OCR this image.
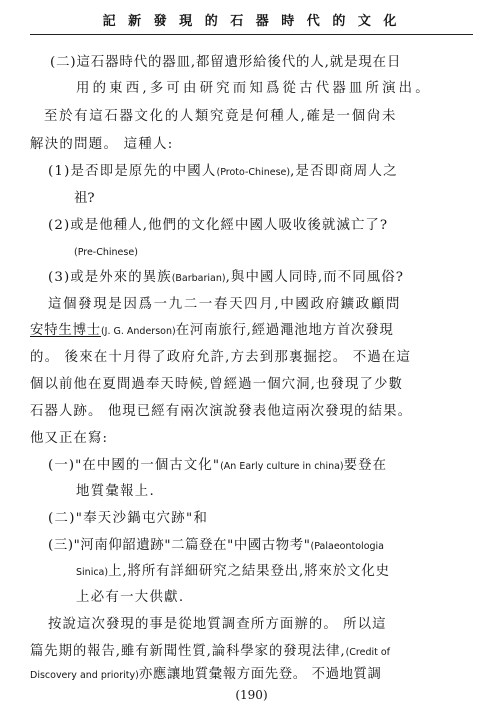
記 新 發 現 的 石 器 時 代 的 文 化
(二)這石器時代的器皿,都留遺形給後代的人,就是現在日
用的東西,多可由研究而知爲從古代器皿所演出。
至於有這石器文化的人類究竟是何種人,確是一個尙未
解決的問題。 這種人:
(1)是否即是原先的中國人(Proto-Chinese),是否即商周人之
祖?
(2)或是他種人,他們的文化經中國人吸收後就滅亡了?
(Pre-Chinese)
(3)或是外來的異族(Barbarian),與中國人同時,而不同風俗?
這個發現是因爲一九二一春天四月,中國政府鑛政顧問
安特生博士(J. G. Anderson)在河南旅行,經過澠池地方首次發現
的。 後來在十月得了政府允許,方去到那裏掘挖。 不過在這
個以前他在夏間過奉天時候,曾經過一個穴洞,也發現了少數
石器人跡。 他現已經有兩次演說發表他這兩次發現的結果。
他又正在寫:
(一)"在中國的一個古文化"(An Early culture in china)要登在
地質彙報上.
(二)"奉天沙鍋屯穴跡"和
(三)"河南仰韶遺跡"二篇登在"中國古物考"(Palaeontologia
Sinica)上,將所有詳細研究之結果登出,將來於文化史
上必有一大供獻.
按說這次發現的事是從地質調查所方面辦的。 所以這
篇先期的報告,雖有新聞性質,論科學家的發現法律,(Credit of
Discovery and priority)亦應讓地質彙報方面先登。 不過地質調
(190)
